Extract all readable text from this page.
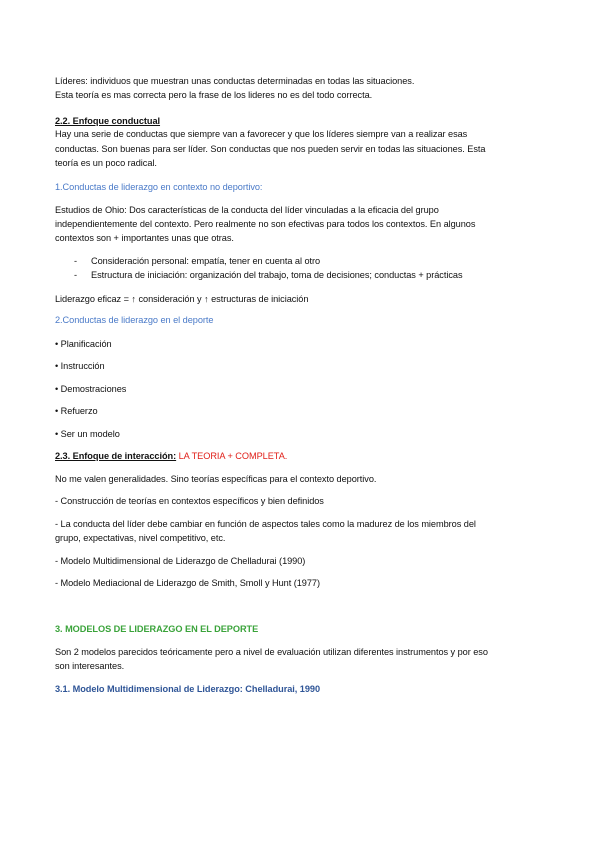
Líderes: individuos que muestran unas conductas determinadas en todas las situaciones.
Esta teoría es mas correcta pero la frase de los lideres no es del todo correcta.
2.2. Enfoque conductual
Hay una serie de conductas que siempre van a favorecer y que los líderes siempre van a realizar esas
conductas. Son buenas para ser líder. Son conductas que nos pueden servir en todas las situaciones. Esta
teoría es un poco radical.
1.Conductas de liderazgo en contexto no deportivo:
Estudios de Ohio: Dos características de la conducta del líder vinculadas a la eficacia del grupo
independientemente del contexto. Pero realmente no son efectivas para todos los contextos. En algunos
contextos son + importantes unas que otras.
- Consideración personal: empatía, tener en cuenta al otro
- Estructura de iniciación: organización del trabajo, toma de decisiones; conductas + prácticas
Liderazgo eficaz = ↑ consideración y ↑ estructuras de iniciación
2.Conductas de liderazgo en el deporte
• Planificación
• Instrucción
• Demostraciones
• Refuerzo
• Ser un modelo
2.3. Enfoque de interacción: LA TEORIA + COMPLETA.
No me valen generalidades. Sino teorías específicas para el contexto deportivo.
- Construcción de teorías en contextos específicos y bien definidos
- La conducta del líder debe cambiar en función de aspectos tales como la madurez de los miembros del
grupo, expectativas, nivel competitivo, etc.
- Modelo Multidimensional de Liderazgo de Chelladurai (1990)
- Modelo Mediacional de Liderazgo de Smith, Smoll y Hunt (1977)
3. MODELOS DE LIDERAZGO EN EL DEPORTE
Son 2 modelos parecidos teóricamente pero a nivel de evaluación utilizan diferentes instrumentos y por eso
son interesantes.
3.1. Modelo Multidimensional de Liderazgo: Chelladurai, 1990
